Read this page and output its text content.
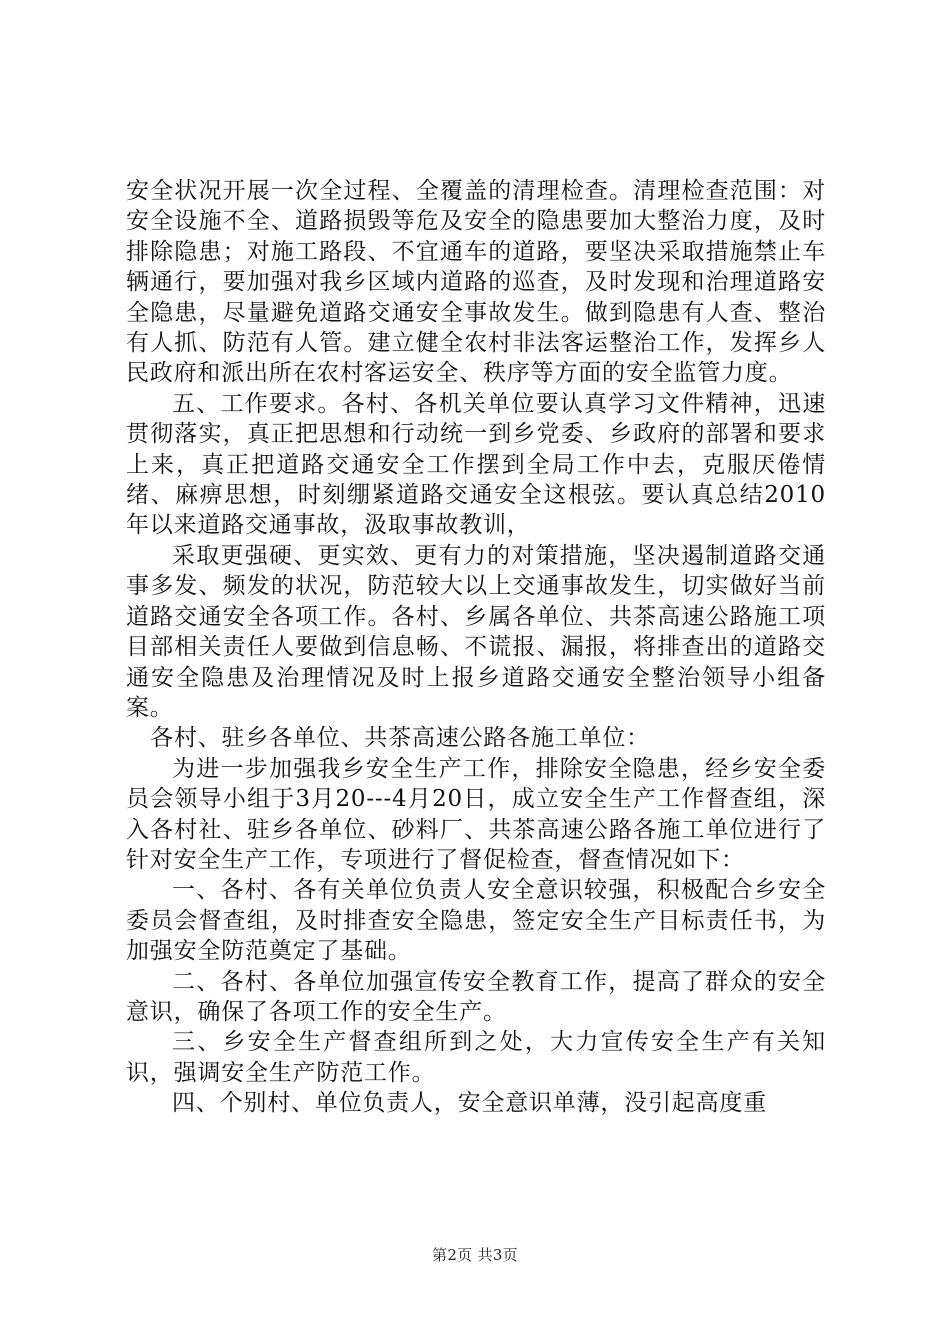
安全状况开展一次全过程、全覆盖的清理检查。清理检查范围：对安全设施不全、道路损毁等危及安全的隐患要加大整治力度，及时排除隐患；对施工路段、不宜通车的道路，要坚决采取措施禁止车辆通行，要加强对我乡区域内道路的巡查，及时发现和治理道路安全隐患，尽量避免道路交通安全事故发生。做到隐患有人查、整治有人抓、防范有人管。建立健全农村非法客运整治工作，发挥乡人民政府和派出所在农村客运安全、秩序等方面的安全监管力度。

五、工作要求。各村、各机关单位要认真学习文件精神，迅速贯彻落实，真正把思想和行动统一到乡党委、乡政府的部署和要求上来，真正把道路交通安全工作摆到全局工作中去，克服厌倦情绪、麻痹思想，时刻绷紧道路交通安全这根弦。要认真总结2010年以来道路交通事故，汲取事故教训，

采取更强硬、更实效、更有力的对策措施，坚决遏制道路交通事多发、频发的状况，防范较大以上交通事故发生，切实做好当前道路交通安全各项工作。各村、乡属各单位、共茶高速公路施工项目部相关责任人要做到信息畅、不谎报、漏报，将排查出的道路交通安全隐患及治理情况及时上报乡道路交通安全整治领导小组备案。

各村、驻乡各单位、共茶高速公路各施工单位：

为进一步加强我乡安全生产工作，排除安全隐患，经乡安全委员会领导小组于3月20---4月20日，成立安全生产工作督查组，深入各村社、驻乡各单位、砂料厂、共茶高速公路各施工单位进行了针对安全生产工作，专项进行了督促检查，督查情况如下：

一、各村、各有关单位负责人安全意识较强，积极配合乡安全委员会督查组，及时排查安全隐患，签定安全生产目标责任书，为加强安全防范奠定了基础。

二、各村、各单位加强宣传安全教育工作，提高了群众的安全意识，确保了各项工作的安全生产。

三、乡安全生产督查组所到之处，大力宣传安全生产有关知识，强调安全生产防范工作。

四、个别村、单位负责人，安全意识单薄，没引起高度重

第2页 共3页
